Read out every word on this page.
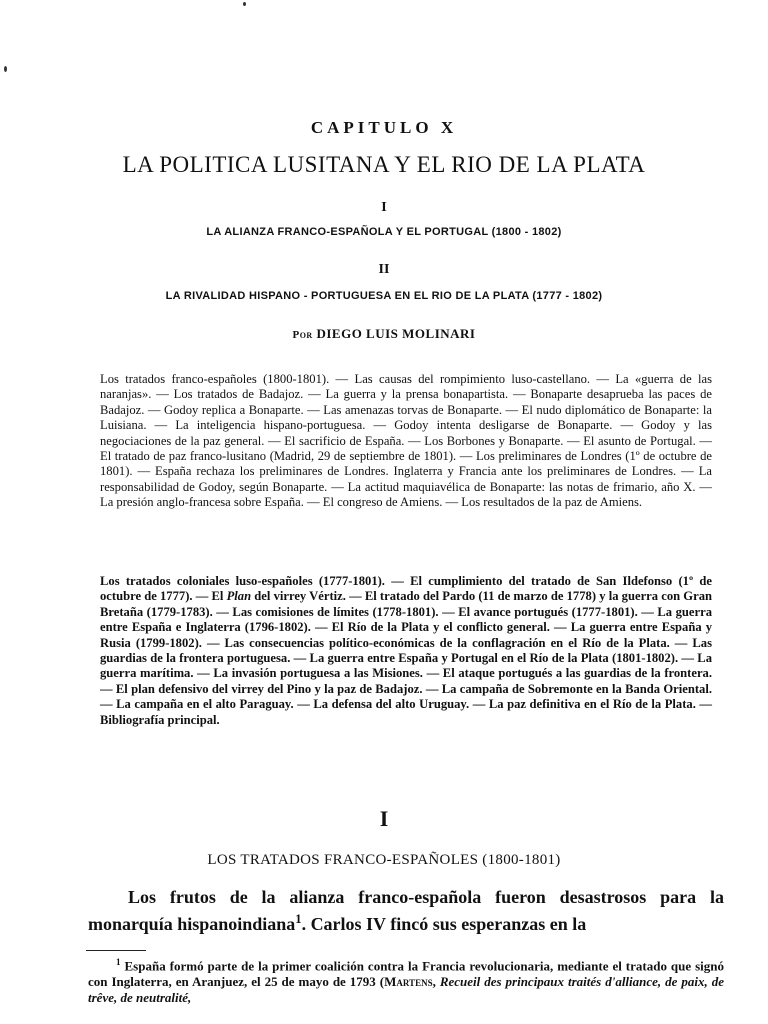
CAPITULO X
LA POLITICA LUSITANA Y EL RIO DE LA PLATA
I
LA ALIANZA FRANCO-ESPAÑOLA Y EL PORTUGAL (1800 - 1802)
II
LA RIVALIDAD HISPANO - PORTUGUESA EN EL RIO DE LA PLATA (1777 - 1802)
Por DIEGO LUIS MOLINARI

Los tratados franco-españoles (1800-1801). — Las causas del rompimiento luso-castellano. — La «guerra de las naranjas». — Los tratados de Badajoz. — La guerra y la prensa bonapartista. — Bonaparte desaprueba las paces de Badajoz. — Godoy replica a Bonaparte. — Las amenazas torvas de Bonaparte. — El nudo diplomático de Bonaparte: la Luisiana. — La inteligencia hispano-portuguesa. — Godoy intenta desligarse de Bonaparte. — Godoy y las negociaciones de la paz general. — El sacrificio de España. — Los Borbones y Bonaparte. — El asunto de Portugal. — El tratado de paz franco-lusitano (Madrid, 29 de septiembre de 1801). — Los preliminares de Londres (1º de octubre de 1801). — España rechaza los preliminares de Londres. Inglaterra y Francia ante los preliminares de Londres. — La responsabilidad de Godoy, según Bonaparte. — La actitud maquiavélica de Bonaparte: las notas de frimario, año X. — La presión anglo-francesa sobre España. — El congreso de Amiens. — Los resultados de la paz de Amiens.

Los tratados coloniales luso-españoles (1777-1801). — El cumplimiento del tratado de San Ildefonso (1º de octubre de 1777). — El Plan del virrey Vértiz. — El tratado del Pardo (11 de marzo de 1778) y la guerra con Gran Bretaña (1779-1783). — Las comisiones de límites (1778-1801). — El avance portugués (1777-1801). — La guerra entre España e Inglaterra (1796-1802). — El Río de la Plata y el conflicto general. — La guerra entre España y Rusia (1799-1802). — Las consecuencias político-económicas de la conflagración en el Río de la Plata. — Las guardias de la frontera portuguesa. — La guerra entre España y Portugal en el Río de la Plata (1801-1802). — La guerra marítima. — La invasión portuguesa a las Misiones. — El ataque portugués a las guardias de la frontera. — El plan defensivo del virrey del Pino y la paz de Badajoz. — La campaña de Sobremonte en la Banda Oriental. — La campaña en el alto Paraguay. — La defensa del alto Uruguay. — La paz definitiva en el Río de la Plata. — Bibliografía principal.

I
LOS TRATADOS FRANCO-ESPAÑOLES (1800-1801)

Los frutos de la alianza franco-española fueron desastrosos para la monarquía hispanoindiana$^1$. Carlos IV fincó sus esperanzas en la

$^1$ España formó parte de la primer coalición contra la Francia revolucionaria, mediante el tratado que signó con Inglaterra, en Aranjuez, el 25 de mayo de 1793 (Martens, Recueil des principaux traités d'alliance, de paix, de trêve, de neutralité,
